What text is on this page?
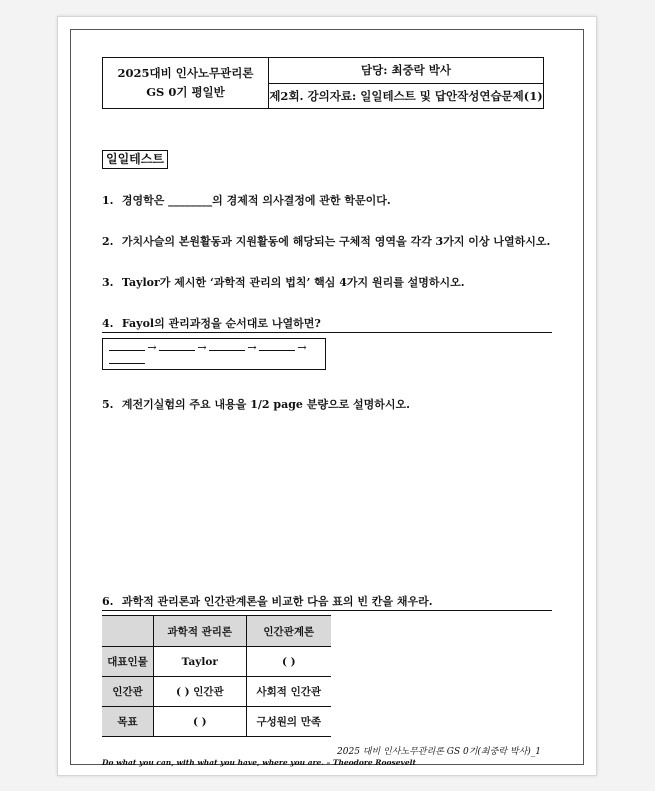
2025대비 인사노무관리론
GS 0기 평일반
	담당: 최중락 박사
제2회. 강의자료: 일일테스트 및 답안작성연습문제(1)
일일테스트
1. 경영학은 ________의 경제적 의사결정에 관한 학문이다.
2. 가치사슬의 본원활동과 지원활동에 해당되는 구체적 영역을 각각 3가지 이상 나열하시오.
3. Taylor가 제시한 ‘과학적 관리의 법칙’ 핵심 4가지 원리를 설명하시오.
4. Fayol의 관리과정을 순서대로 나열하면?
→	→	→	→
5. 계전기실험의 주요 내용을 1/2 page 분량으로 설명하시오.
6. 과학적 관리론과 인간관계론을 비교한 다음 표의 빈 칸을 채우라.
	과학적 관리론	인간관계론
대표인물	Taylor	( )
인간관	( ) 인간관	사회적 인간관
목표	( )	구성원의 만족
2025 대비 인사노무관리론 GS 0기(최중락 박사)_1
Do what you can, with what you have, where you are. – Theodore Roosevelt
